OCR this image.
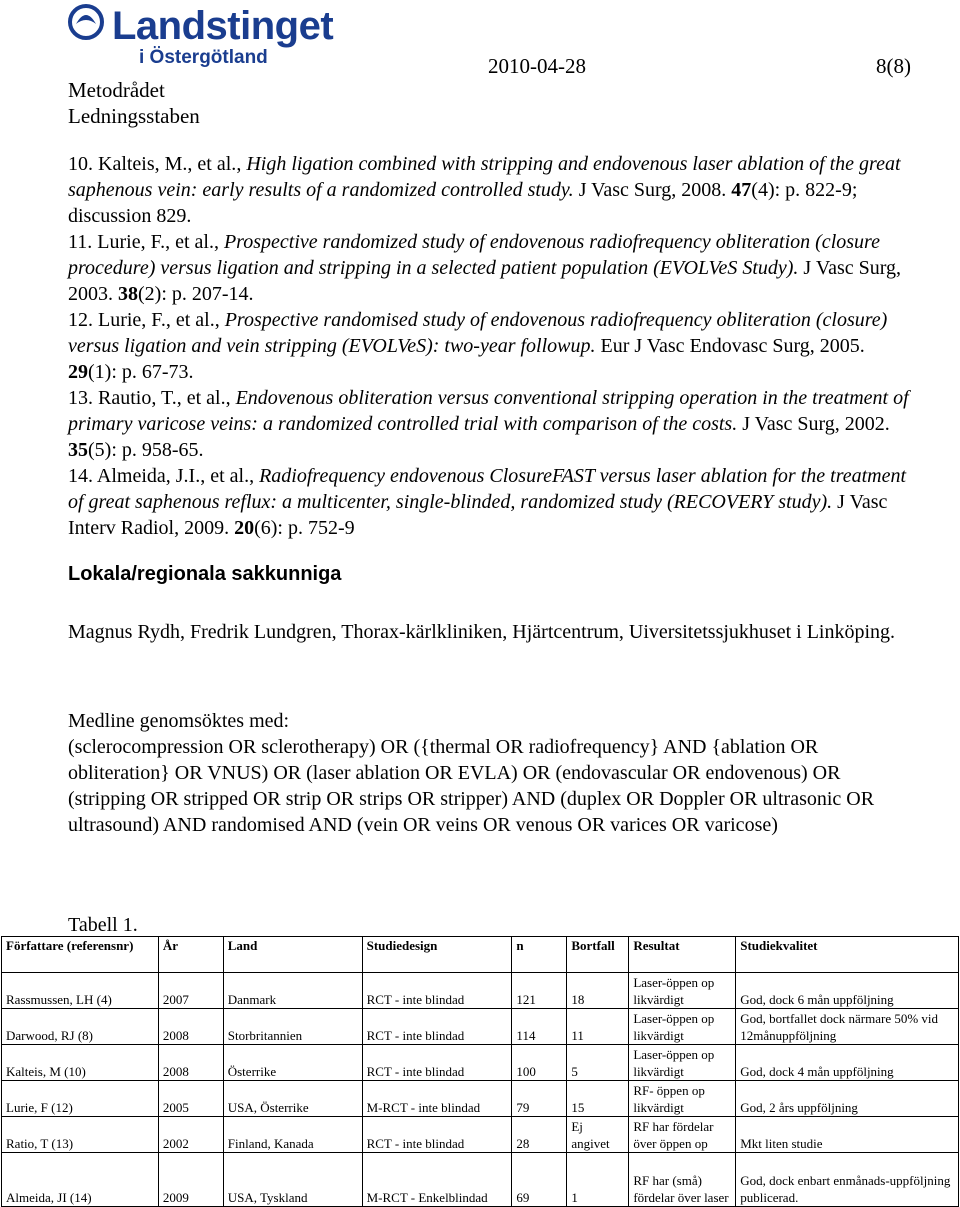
Landstinget
i Östergötland
Metodrådet
Ledningsstaben
2010-04-28	8(8)

10. Kalteis, M., et al., High ligation combined with stripping and endovenous laser ablation of the great saphenous vein: early results of a randomized controlled study. J Vasc Surg, 2008. 47(4): p. 822-9; discussion 829.

11. Lurie, F., et al., Prospective randomized study of endovenous radiofrequency obliteration (closure procedure) versus ligation and stripping in a selected patient population (EVOLVeS Study). J Vasc Surg, 2003. 38(2): p. 207-14.

12. Lurie, F., et al., Prospective randomised study of endovenous radiofrequency obliteration (closure) versus ligation and vein stripping (EVOLVeS): two-year followup. Eur J Vasc Endovasc Surg, 2005. 29(1): p. 67-73.

13. Rautio, T., et al., Endovenous obliteration versus conventional stripping operation in the treatment of primary varicose veins: a randomized controlled trial with comparison of the costs. J Vasc Surg, 2002. 35(5): p. 958-65.

14. Almeida, J.I., et al., Radiofrequency endovenous ClosureFAST versus laser ablation for the treatment of great saphenous reflux: a multicenter, single-blinded, randomized study (RECOVERY study). J Vasc Interv Radiol, 2009. 20(6): p. 752-9

Lokala/regionala sakkunniga
Magnus Rydh, Fredrik Lundgren, Thorax-kärlkliniken, Hjärtcentrum, Uiversitetssjukhuset i Linköping.
Medline genomsöktes med:
(sclerocompression OR sclerotherapy) OR ({thermal OR radiofrequency} AND {ablation OR obliteration} OR VNUS) OR (laser ablation OR EVLA) OR (endovascular OR endovenous) OR (stripping OR stripped OR strip OR strips OR stripper) AND (duplex OR Doppler OR ultrasonic OR ultrasound) AND randomised AND (vein OR veins OR venous OR varices OR varicose)
Tabell 1.
Författare (referensnr)	År	Land	Studiedesign	n	Bortfall	Resultat	Studiekvalitet
Rassmussen, LH (4)	2007	Danmark	RCT - inte blindad	121	18	Laser-öppen op likvärdigt	God, dock 6 mån uppföljning
Darwood, RJ (8)	2008	Storbritannien	RCT - inte blindad	114	11	Laser-öppen op likvärdigt	God, bortfallet dock närmare 50% vid 12månuppföljning
Kalteis, M (10)	2008	Österrike	RCT - inte blindad	100	5	Laser-öppen op likvärdigt	God, dock 4 mån uppföljning
Lurie, F (12)	2005	USA, Österrike	M-RCT - inte blindad	79	15	RF- öppen op likvärdigt	God, 2 års uppföljning
Ratio, T (13)	2002	Finland, Kanada	RCT - inte blindad	28	Ej angivet	RF har fördelar över öppen op	Mkt liten studie
Almeida, JI (14)	2009	USA, Tyskland	M-RCT - Enkelblindad	69	1	RF har (små) fördelar över laser	God, dock enbart enmånads-uppföljning publicerad.
